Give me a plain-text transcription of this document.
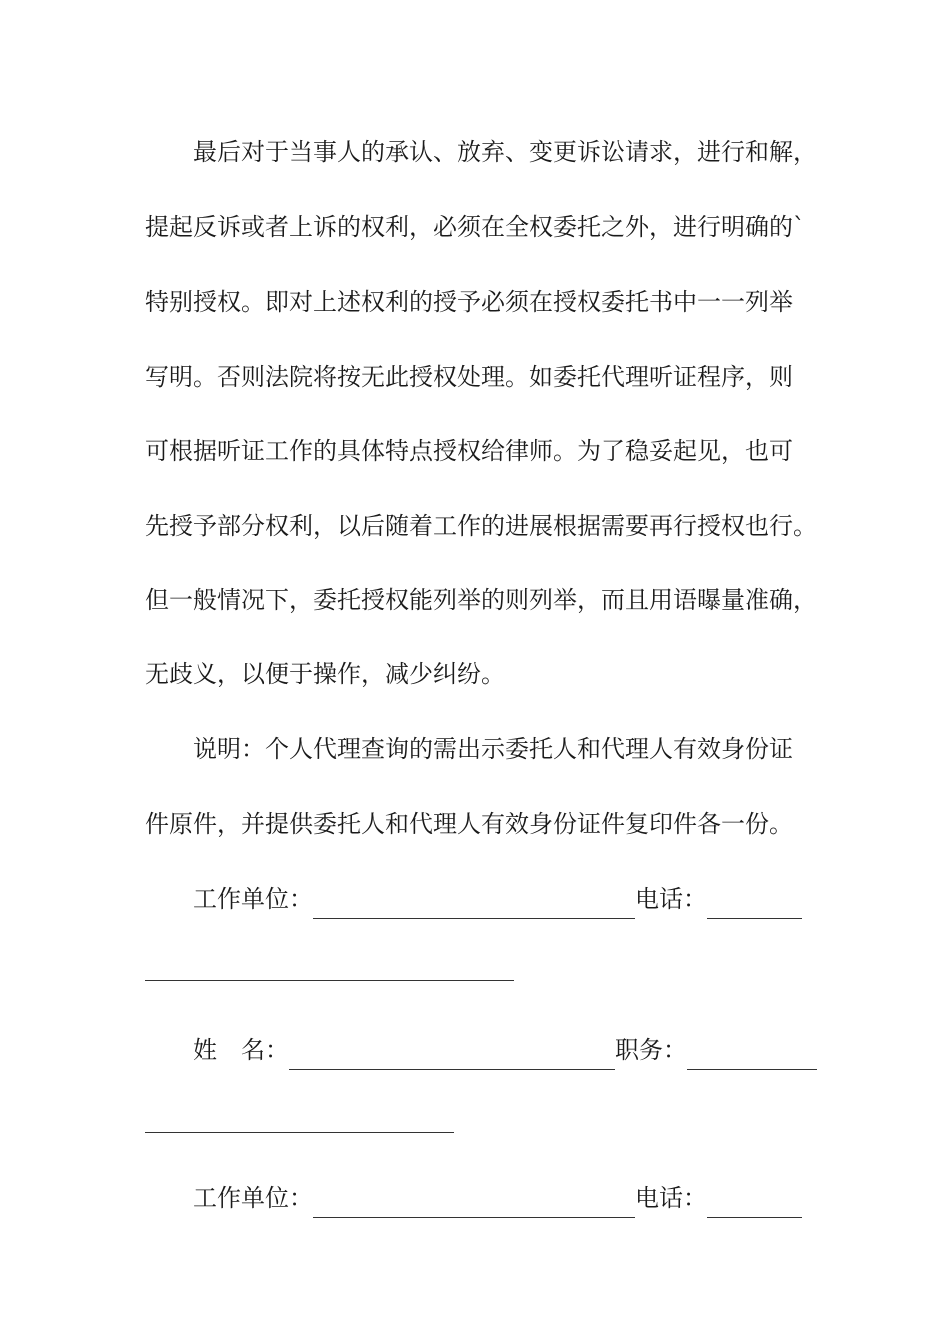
最后对于当事人的承认、放弃、变更诉讼请求，进行和解，
提起反诉或者上诉的权利，必须在全权委托之外，进行明确的`
特别授权。即对上述权利的授予必须在授权委托书中一一列举
写明。否则法院将按无此授权处理。如委托代理听证程序，则
可根据听证工作的具体特点授权给律师。为了稳妥起见，也可
先授予部分权利，以后随着工作的进展根据需要再行授权也行。
但一般情况下，委托授权能列举的则列举，而且用语曝量准确，
无歧义，以便于操作，减少纠纷。
说明：个人代理查询的需出示委托人和代理人有效身份证
件原件，并提供委托人和代理人有效身份证件复印件各一份。
工作单位：	电话：
姓　名：	职务：
工作单位：	电话：
